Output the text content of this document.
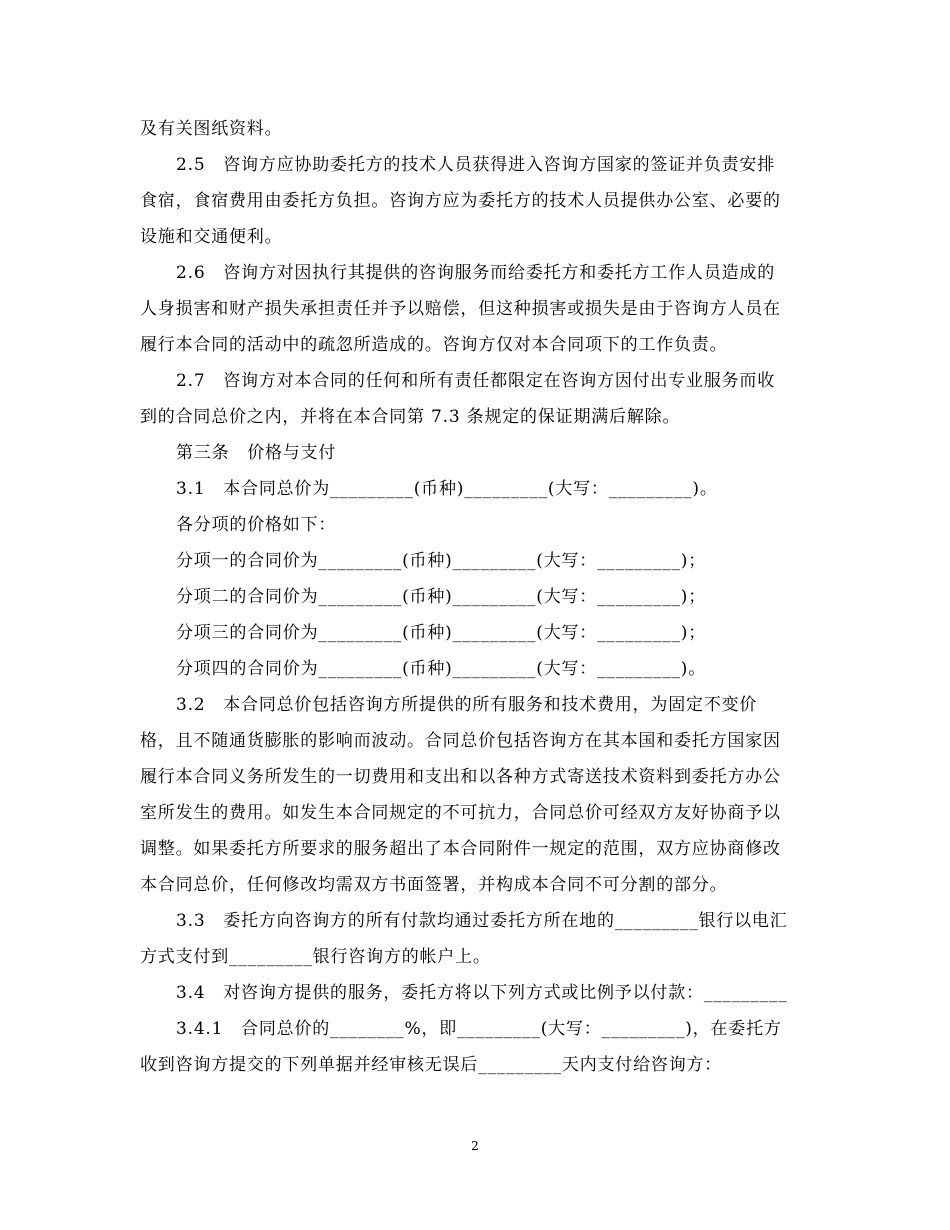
及有关图纸资料。
2.5　咨询方应协助委托方的技术人员获得进入咨询方国家的签证并负责安排
食宿，食宿费用由委托方负担。咨询方应为委托方的技术人员提供办公室、必要的
设施和交通便利。
2.6　咨询方对因执行其提供的咨询服务而给委托方和委托方工作人员造成的
人身损害和财产损失承担责任并予以赔偿，但这种损害或损失是由于咨询方人员在
履行本合同的活动中的疏忽所造成的。咨询方仅对本合同项下的工作负责。
2.7　咨询方对本合同的任何和所有责任都限定在咨询方因付出专业服务而收
到的合同总价之内，并将在本合同第 7.3 条规定的保证期满后解除。
第三条　价格与支付
3.1　本合同总价为_________(币种)_________(大写：_________)。
各分项的价格如下：
分项一的合同价为_________(币种)_________(大写：_________)；
分项二的合同价为_________(币种)_________(大写：_________)；
分项三的合同价为_________(币种)_________(大写：_________)；
分项四的合同价为_________(币种)_________(大写：_________)。
3.2　本合同总价包括咨询方所提供的所有服务和技术费用，为固定不变价
格，且不随通货膨胀的影响而波动。合同总价包括咨询方在其本国和委托方国家因
履行本合同义务所发生的一切费用和支出和以各种方式寄送技术资料到委托方办公
室所发生的费用。如发生本合同规定的不可抗力，合同总价可经双方友好协商予以
调整。如果委托方所要求的服务超出了本合同附件一规定的范围，双方应协商修改
本合同总价，任何修改均需双方书面签署，并构成本合同不可分割的部分。
3.3　委托方向咨询方的所有付款均通过委托方所在地的_________银行以电汇
方式支付到_________银行咨询方的帐户上。
3.4　对咨询方提供的服务，委托方将以下列方式或比例予以付款：_________
3.4.1　合同总价的________%，即_________(大写：_________)，在委托方
收到咨询方提交的下列单据并经审核无误后_________天内支付给咨询方：
2
